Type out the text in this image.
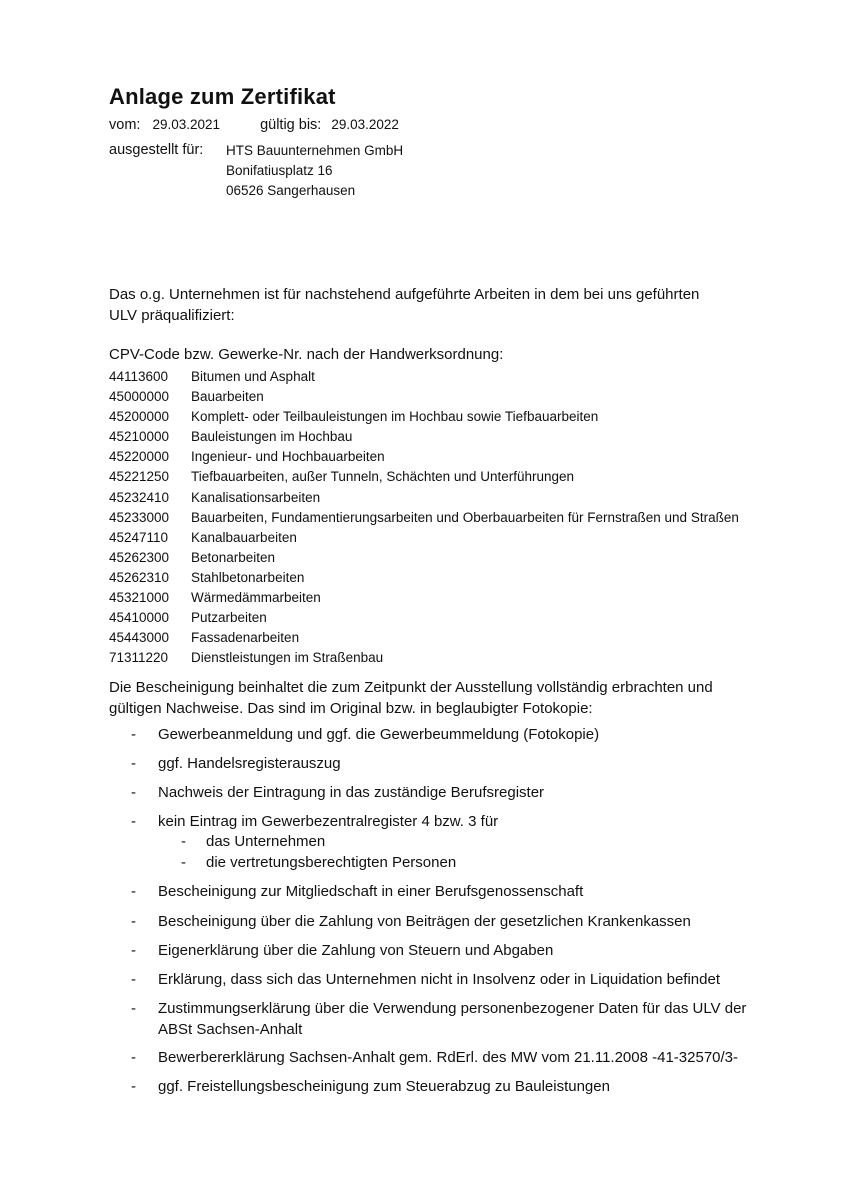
Anlage zum Zertifikat
vom: 29.03.2021	gültig bis: 29.03.2022
ausgestellt für: HTS Bauunternehmen GmbH
Bonifatiusplatz 16
06526 Sangerhausen
Das o.g. Unternehmen ist für nachstehend aufgeführte Arbeiten in dem bei uns geführten ULV präqualifiziert:
CPV-Code bzw. Gewerke-Nr. nach der Handwerksordnung:
44113600 Bitumen und Asphalt
45000000 Bauarbeiten
45200000 Komplett- oder Teilbauleistungen im Hochbau sowie Tiefbauarbeiten
45210000 Bauleistungen im Hochbau
45220000 Ingenieur- und Hochbauarbeiten
45221250 Tiefbauarbeiten, außer Tunneln, Schächten und Unterführungen
45232410 Kanalisationsarbeiten
45233000 Bauarbeiten, Fundamentierungsarbeiten und Oberbauarbeiten für Fernstraßen und Straßen
45247110 Kanalbauarbeiten
45262300 Betonarbeiten
45262310 Stahlbetonarbeiten
45321000 Wärmedämmarbeiten
45410000 Putzarbeiten
45443000 Fassadenarbeiten
71311220 Dienstleistungen im Straßenbau
Die Bescheinigung beinhaltet die zum Zeitpunkt der Ausstellung vollständig erbrachten und gültigen Nachweise. Das sind im Original bzw. in beglaubigter Fotokopie:
- Gewerbeanmeldung und ggf. die Gewerbeummeldung (Fotokopie)
- ggf. Handelsregisterauszug
- Nachweis der Eintragung in das zuständige Berufsregister
- kein Eintrag im Gewerbezentralregister 4 bzw. 3 für
- das Unternehmen
- die vertretungsberechtigten Personen
- Bescheinigung zur Mitgliedschaft in einer Berufsgenossenschaft
- Bescheinigung über die Zahlung von Beiträgen der gesetzlichen Krankenkassen
- Eigenerklärung über die Zahlung von Steuern und Abgaben
- Erklärung, dass sich das Unternehmen nicht in Insolvenz oder in Liquidation befindet
- Zustimmungserklärung über die Verwendung personenbezogener Daten für das ULV der ABSt Sachsen-Anhalt
- Bewerbererklärung Sachsen-Anhalt gem. RdErl. des MW vom 21.11.2008 -41-32570/3-
- ggf. Freistellungsbescheinigung zum Steuerabzug zu Bauleistungen
